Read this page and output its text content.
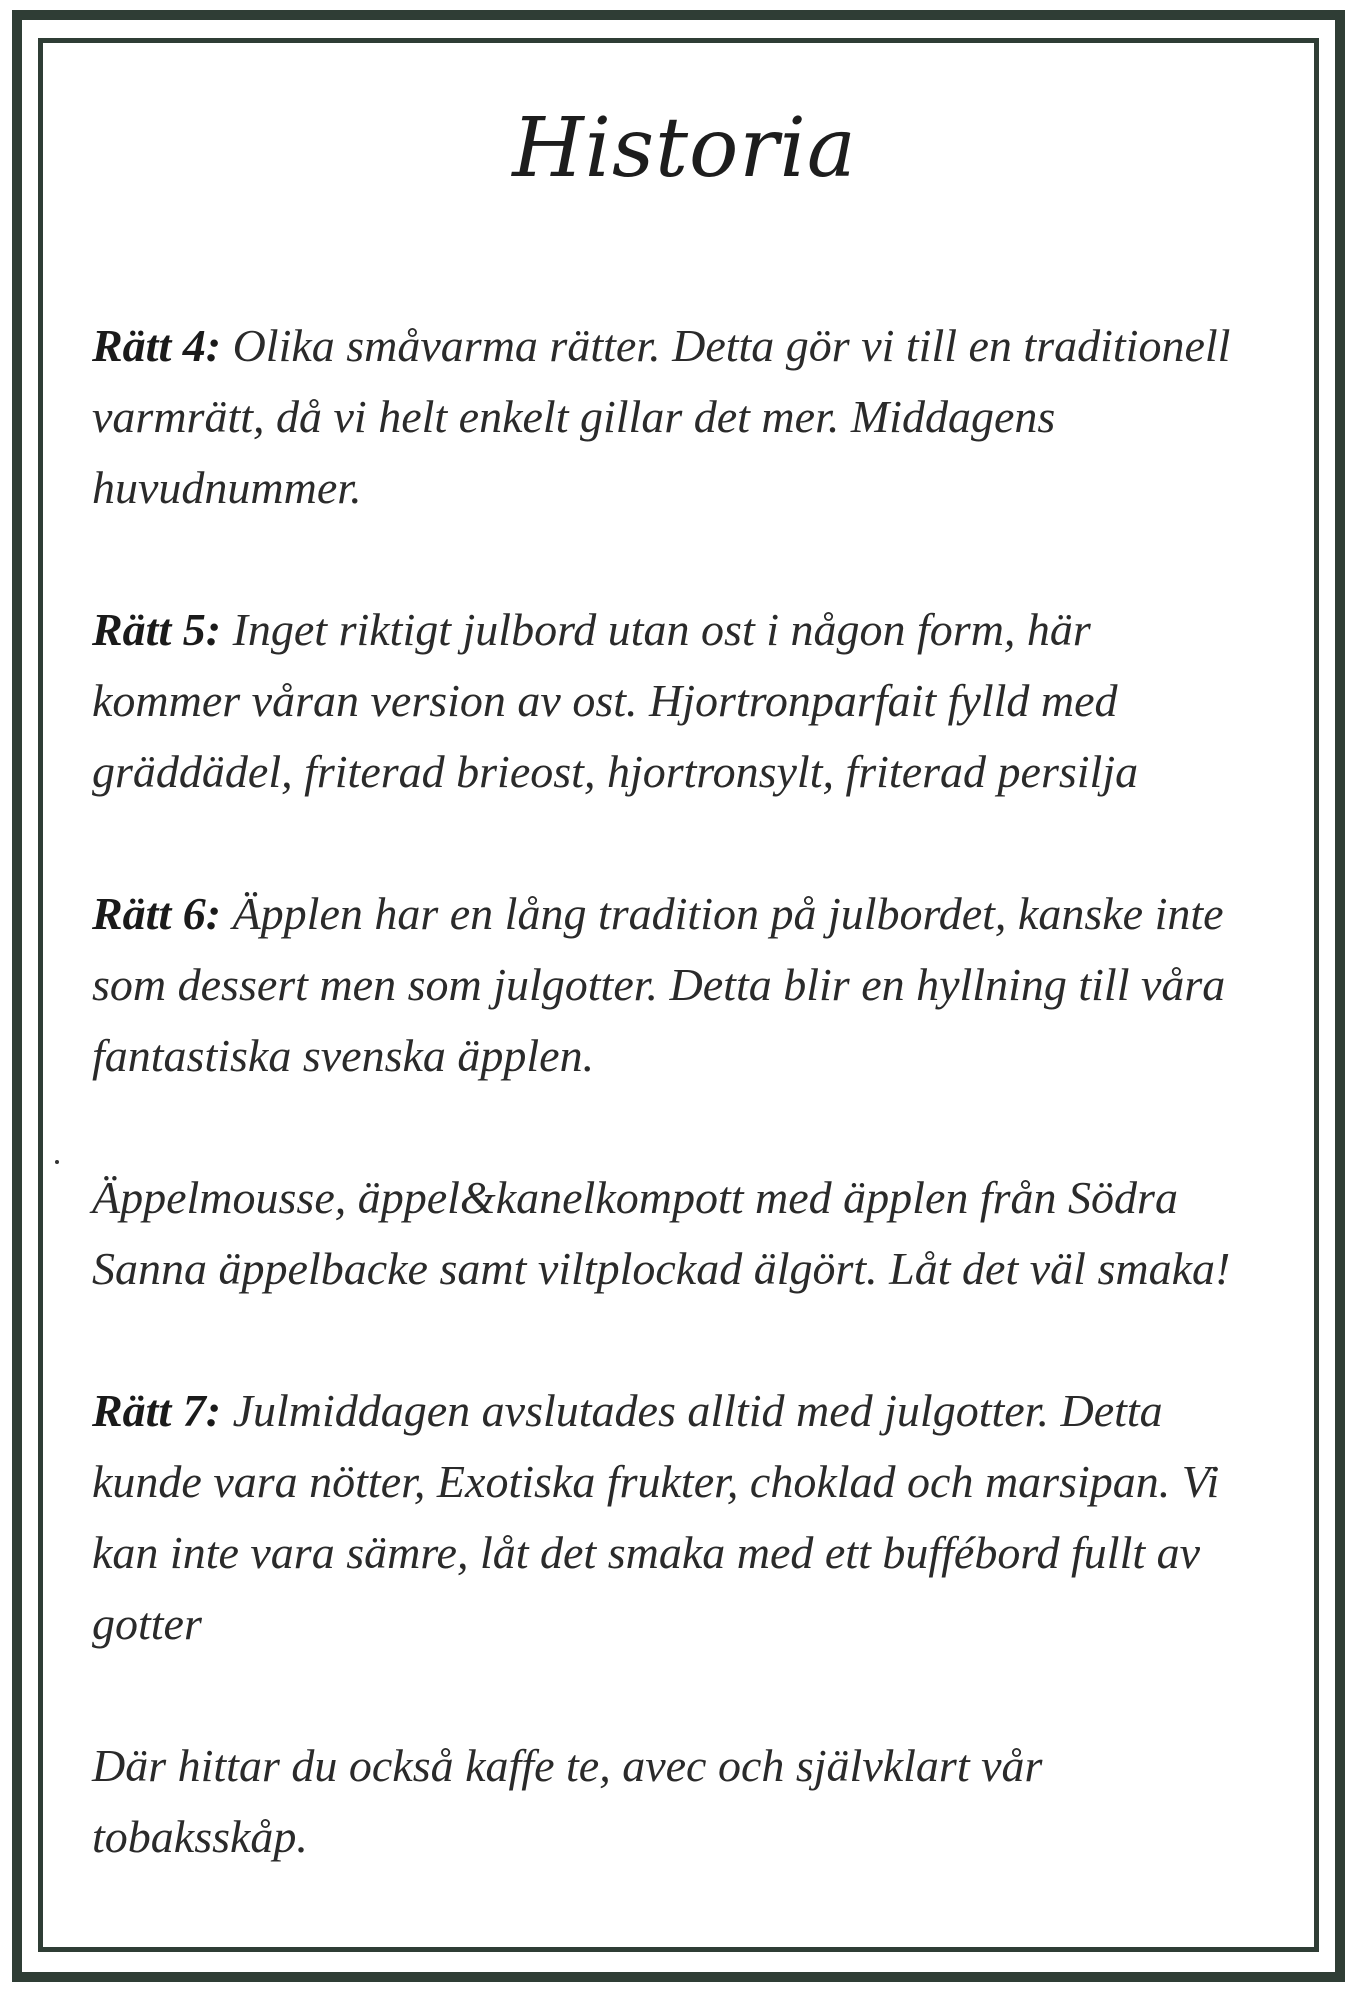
Historia

Rätt 4: Olika småvarma rätter. Detta gör vi till en traditionell varmrätt, då vi helt enkelt gillar det mer. Middagens huvudnummer.

Rätt 5: Inget riktigt julbord utan ost i någon form, här kommer våran version av ost. Hjortronparfait fylld med gräddädel, friterad brieost, hjortronsylt, friterad persilja

Rätt 6: Äpplen har en lång tradition på julbordet, kanske inte som dessert men som julgotter. Detta blir en hyllning till våra fantastiska svenska äpplen.

Äppelmousse, äppel&kanelkompott med äpplen från Södra Sanna äppelbacke samt viltplockad älgört. Låt det väl smaka!

Rätt 7: Julmiddagen avslutades alltid med julgotter. Detta kunde vara nötter, Exotiska frukter, choklad och marsipan. Vi kan inte vara sämre, låt det smaka med ett buffébord fullt av gotter

Där hittar du också kaffe te, avec och självklart vår tobaksskåp.
